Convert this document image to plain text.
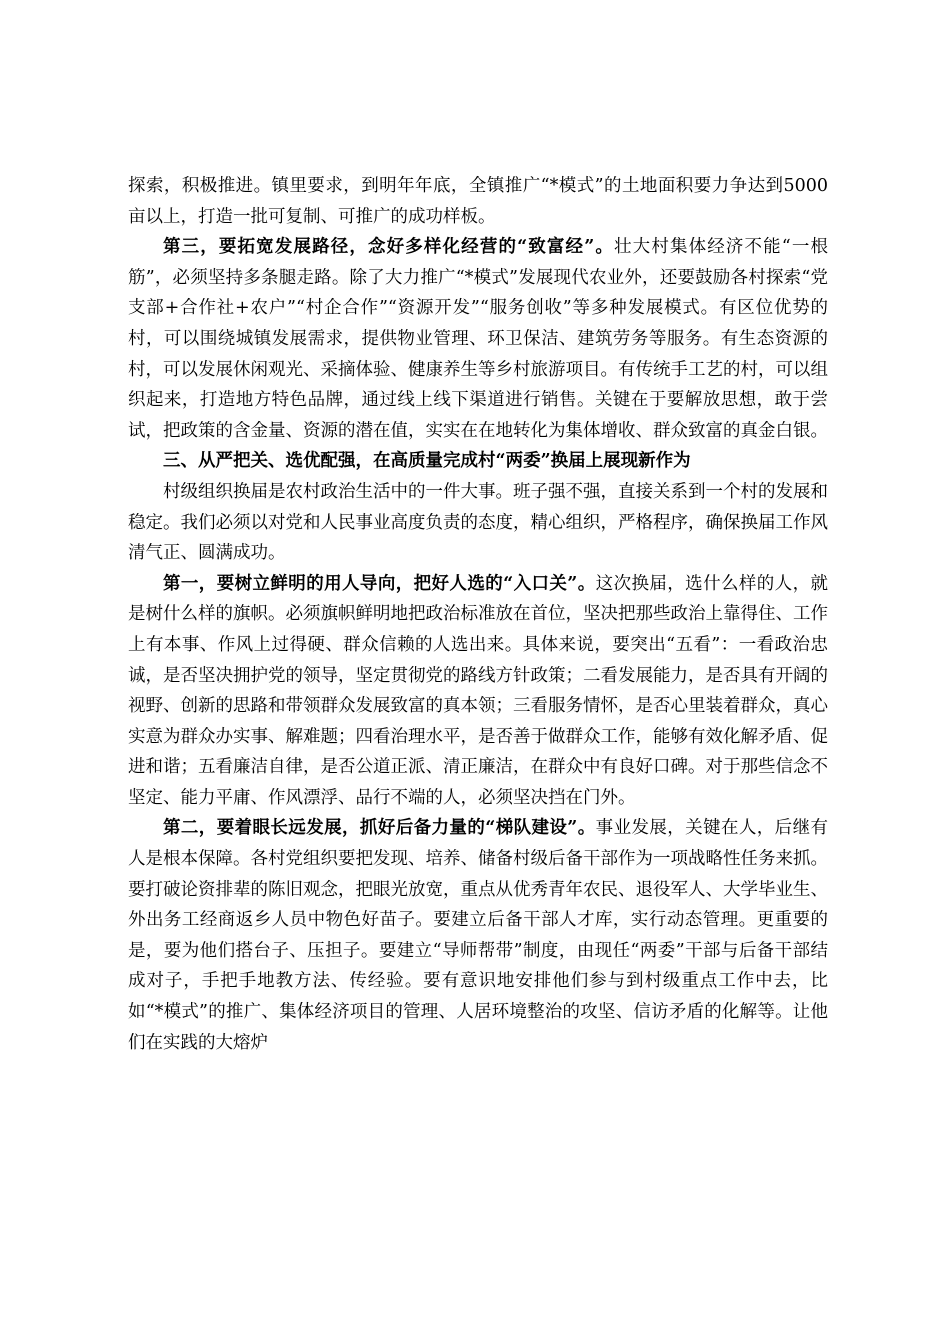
探索，积极推进。镇里要求，到明年年底，全镇推广“*模式”的土地面积要力争达到5000亩以上，打造一批可复制、可推广的成功样板。

第三，要拓宽发展路径，念好多样化经营的“致富经”。壮大村集体经济不能“一根筋”，必须坚持多条腿走路。除了大力推广“*模式”发展现代农业外，还要鼓励各村探索“党支部+合作社+农户”“村企合作”“资源开发”“服务创收”等多种发展模式。有区位优势的村，可以围绕城镇发展需求，提供物业管理、环卫保洁、建筑劳务等服务。有生态资源的村，可以发展休闲观光、采摘体验、健康养生等乡村旅游项目。有传统手工艺的村，可以组织起来，打造地方特色品牌，通过线上线下渠道进行销售。关键在于要解放思想，敢于尝试，把政策的含金量、资源的潜在值，实实在在地转化为集体增收、群众致富的真金白银。

三、从严把关、选优配强，在高质量完成村“两委”换届上展现新作为

村级组织换届是农村政治生活中的一件大事。班子强不强，直接关系到一个村的发展和稳定。我们必须以对党和人民事业高度负责的态度，精心组织，严格程序，确保换届工作风清气正、圆满成功。

第一，要树立鲜明的用人导向，把好人选的“入口关”。这次换届，选什么样的人，就是树什么样的旗帜。必须旗帜鲜明地把政治标准放在首位，坚决把那些政治上靠得住、工作上有本事、作风上过得硬、群众信赖的人选出来。具体来说，要突出“五看”：一看政治忠诚，是否坚决拥护党的领导，坚定贯彻党的路线方针政策；二看发展能力，是否具有开阔的视野、创新的思路和带领群众发展致富的真本领；三看服务情怀，是否心里装着群众，真心实意为群众办实事、解难题；四看治理水平，是否善于做群众工作，能够有效化解矛盾、促进和谐；五看廉洁自律，是否公道正派、清正廉洁，在群众中有良好口碑。对于那些信念不坚定、能力平庸、作风漂浮、品行不端的人，必须坚决挡在门外。

第二，要着眼长远发展，抓好后备力量的“梯队建设”。事业发展，关键在人，后继有人是根本保障。各村党组织要把发现、培养、储备村级后备干部作为一项战略性任务来抓。要打破论资排辈的陈旧观念，把眼光放宽，重点从优秀青年农民、退役军人、大学毕业生、外出务工经商返乡人员中物色好苗子。要建立后备干部人才库，实行动态管理。更重要的是，要为他们搭台子、压担子。要建立“导师帮带”制度，由现任“两委”干部与后备干部结成对子，手把手地教方法、传经验。要有意识地安排他们参与到村级重点工作中去，比如“*模式”的推广、集体经济项目的管理、人居环境整治的攻坚、信访矛盾的化解等。让他们在实践的大熔炉
